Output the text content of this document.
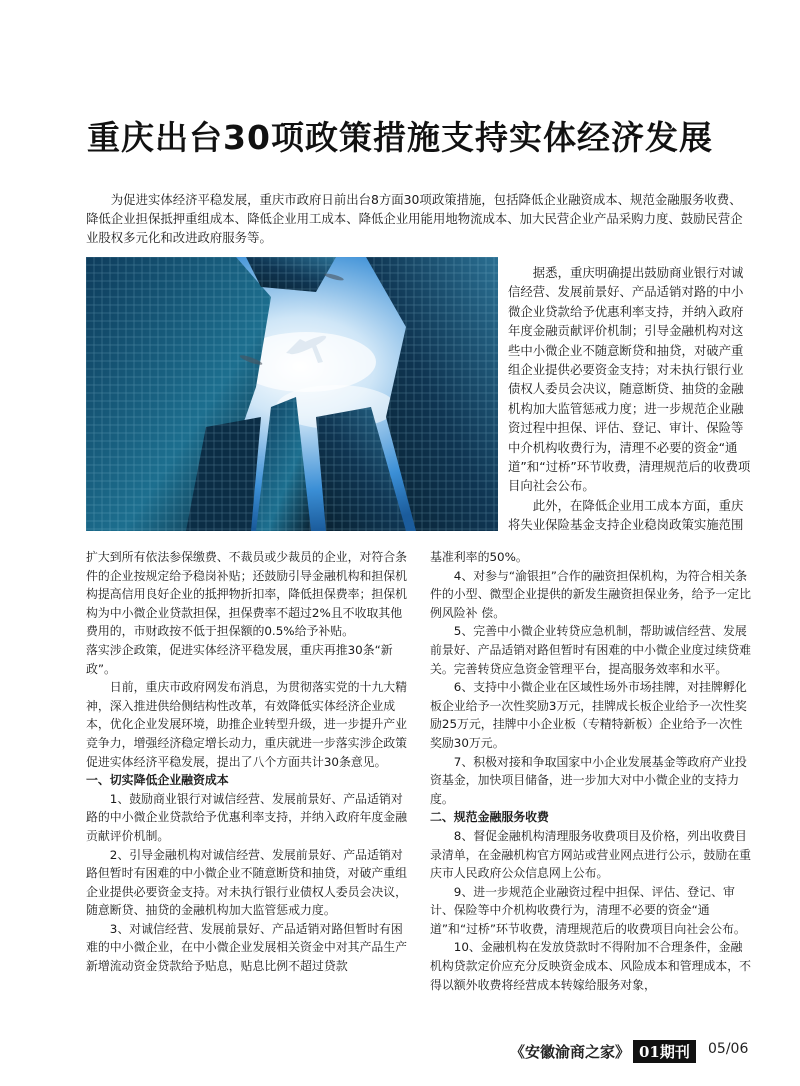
重庆出台30项政策措施支持实体经济发展

为促进实体经济平稳发展，重庆市政府日前出台8方面30项政策措施，包括降低企业融资成本、规范金融服务收费、降低企业担保抵押重组成本、降低企业用工成本、降低企业用能用地物流成本、加大民营企业产品采购力度、鼓励民营企业股权多元化和改进政府服务等。

据悉，重庆明确提出鼓励商业银行对诚信经营、发展前景好、产品适销对路的中小微企业贷款给予优惠利率支持，并纳入政府年度金融贡献评价机制；引导金融机构对这些中小微企业不随意断贷和抽贷，对破产重组企业提供必要资金支持；对未执行银行业债权人委员会决议，随意断贷、抽贷的金融机构加大监管惩戒力度；进一步规范企业融资过程中担保、评估、登记、审计、保险等中介机构收费行为，清理不必要的资金“通道”和“过桥”环节收费，清理规范后的收费项目向社会公布。

此外，在降低企业用工成本方面，重庆将失业保险基金支持企业稳岗政策实施范围

扩大到所有依法参保缴费、不裁员或少裁员的企业，对符合条件的企业按规定给予稳岗补贴；还鼓励引导金融机构和担保机构提高信用良好企业的抵押物折扣率，降低担保费率；担保机构为中小微企业贷款担保，担保费率不超过2%且不收取其他费用的，市财政按不低于担保额的0.5%给予补贴。

落实涉企政策，促进实体经济平稳发展，重庆再推30条“新政”。

日前，重庆市政府网发布消息，为贯彻落实党的十九大精神，深入推进供给侧结构性改革，有效降低实体经济企业成本，优化企业发展环境，助推企业转型升级，进一步提升产业竞争力，增强经济稳定增长动力，重庆就进一步落实涉企政策促进实体经济平稳发展，提出了八个方面共计30条意见。

一、切实降低企业融资成本

1、鼓励商业银行对诚信经营、发展前景好、产品适销对路的中小微企业贷款给予优惠利率支持，并纳入政府年度金融贡献评价机制。

2、引导金融机构对诚信经营、发展前景好、产品适销对路但暂时有困难的中小微企业不随意断贷和抽贷，对破产重组企业提供必要资金支持。对未执行银行业债权人委员会决议，随意断贷、抽贷的金融机构加大监管惩戒力度。

3、对诚信经营、发展前景好、产品适销对路但暂时有困难的中小微企业，在中小微企业发展相关资金中对其产品生产新增流动资金贷款给予贴息，贴息比例不超过贷款

基准利率的50%。

4、对参与“渝银担”合作的融资担保机构，为符合相关条件的小型、微型企业提供的新发生融资担保业务，给予一定比例风险补 偿。

5、完善中小微企业转贷应急机制，帮助诚信经营、发展前景好、产品适销对路但暂时有困难的中小微企业度过续贷难关。完善转贷应急资金管理平台，提高服务效率和水平。

6、支持中小微企业在区域性场外市场挂牌，对挂牌孵化板企业给予一次性奖励3万元，挂牌成长板企业给予一次性奖励25万元，挂牌中小企业板（专精特新板）企业给予一次性奖励30万元。

7、积极对接和争取国家中小企业发展基金等政府产业投资基金，加快项目储备，进一步加大对中小微企业的支持力度。

二、规范金融服务收费

8、督促金融机构清理服务收费项目及价格，列出收费目录清单，在金融机构官方网站或营业网点进行公示，鼓励在重庆市人民政府公众信息网上公布。

9、进一步规范企业融资过程中担保、评估、登记、审计、保险等中介机构收费行为，清理不必要的资金“通道”和“过桥”环节收费，清理规范后的收费项目向社会公布。

10、金融机构在发放贷款时不得附加不合理条件，金融机构贷款定价应充分反映资金成本、风险成本和管理成本，不得以额外收费将经营成本转嫁给服务对象，

《安徽渝商之家》 01期刊	05/06
